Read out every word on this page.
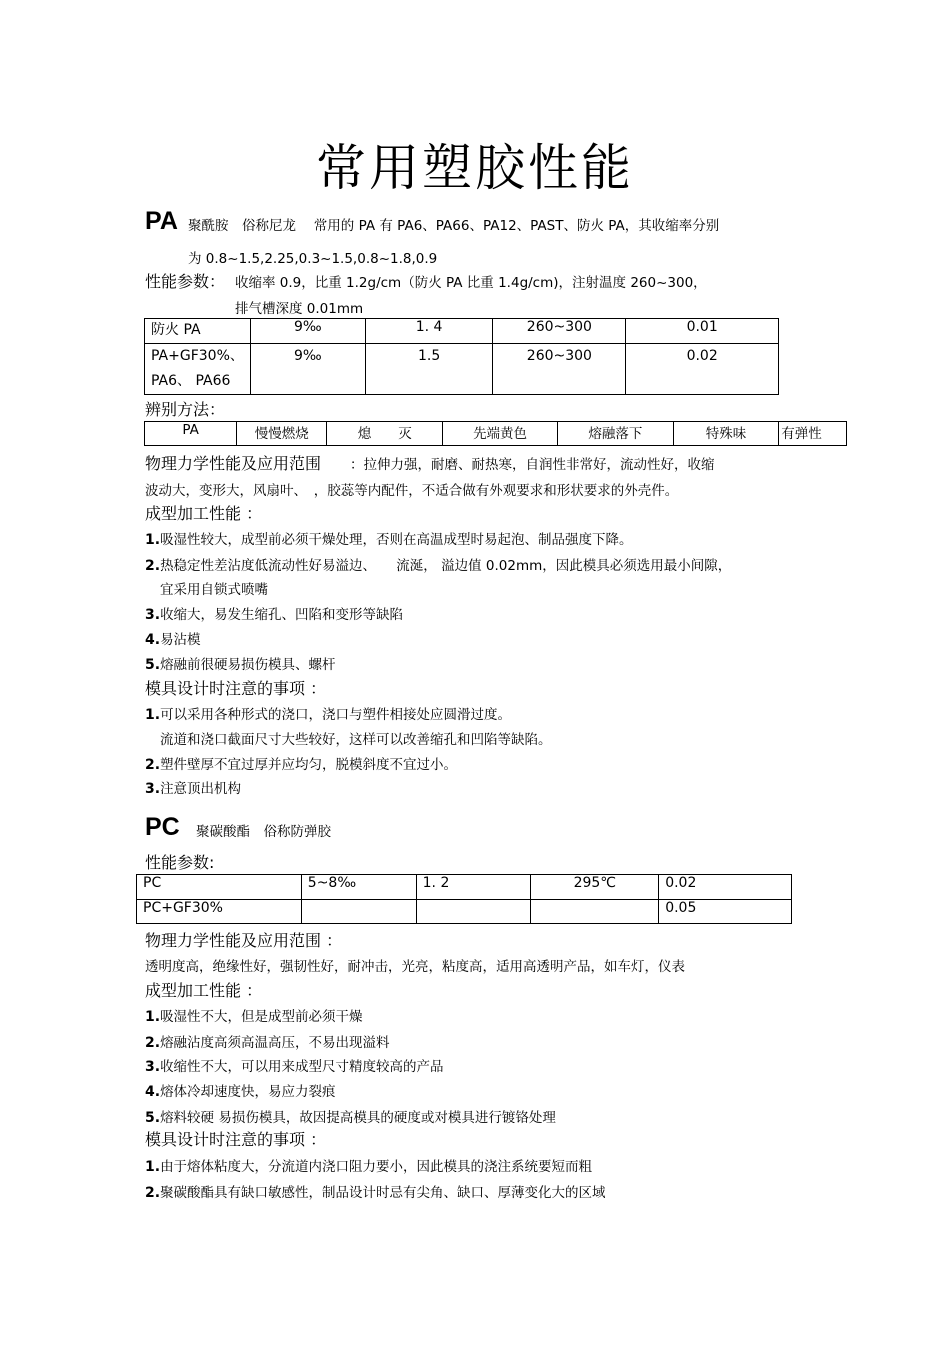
常用塑胶性能
PA 聚酰胺　俗称尼龙　 常用的 PA 有 PA6、PA66、PA12、PAST、防火 PA，其收缩率分别
为 0.8~1.5,2.25,0.3~1.5,0.8~1.8,0.9
性能参数： 收缩率 0.9，比重 1.2g/cm（防火 PA 比重 1.4g/cm)，注射温度 260~300，
排气槽深度 0.01mm
防火 PA	9‰	1. 4	260~300	0.01
PA+GF30%、
PA6、 PA66	9‰	1.5	260~300	0.02
辨别方法：
PA	慢慢燃烧	熄　　灭	先端黄色	熔融落下	特殊味	有弹性
物理力学性能及应用范围 ：拉伸力强，耐磨、耐热寒，自润性非常好，流动性好，收缩
波动大，变形大，风扇叶、　，胶蕊等内配件，不适合做有外观要求和形状要求的外壳件。
成型加工性能 ：
1.吸湿性较大，成型前必须干燥处理，否则在高温成型时易起泡、制品强度下降。
2.热稳定性差沾度低流动性好易溢边、　　流涎， 溢边值 0.02mm，因此模具必须选用最小间隙，
宜采用自锁式喷嘴
3.收缩大，易发生缩孔、凹陷和变形等缺陷
4.易沾模
5.熔融前很硬易损伤模具、螺杆
模具设计时注意的事项 ：
1.可以采用各种形式的浇口，浇口与塑件相接处应圆滑过度。
流道和浇口截面尺寸大些较好，这样可以改善缩孔和凹陷等缺陷。
2.塑件壁厚不宜过厚并应均匀，脱模斜度不宜过小。
3.注意顶出机构
PC 聚碳酸酯　俗称防弹胶
性能参数:
PC	5~8‰	1. 2	295℃	0.02
PC+GF30%				0.05
物理力学性能及应用范围 ：
透明度高，绝缘性好，强韧性好，耐冲击，光亮，粘度高，适用高透明产品，如车灯，仪表
成型加工性能 ：
1.吸湿性不大，但是成型前必须干燥
2.熔融沾度高须高温高压，不易出现溢料
3.收缩性不大，可以用来成型尺寸精度较高的产品
4.熔体冷却速度快，易应力裂痕
5.熔料较硬 易损伤模具，故因提高模具的硬度或对模具进行镀铬处理
模具设计时注意的事项 ：
1.由于熔体粘度大，分流道内浇口阻力要小，因此模具的浇注系统要短而粗
2.聚碳酸酯具有缺口敏感性，制品设计时忌有尖角、缺口、厚薄变化大的区域
